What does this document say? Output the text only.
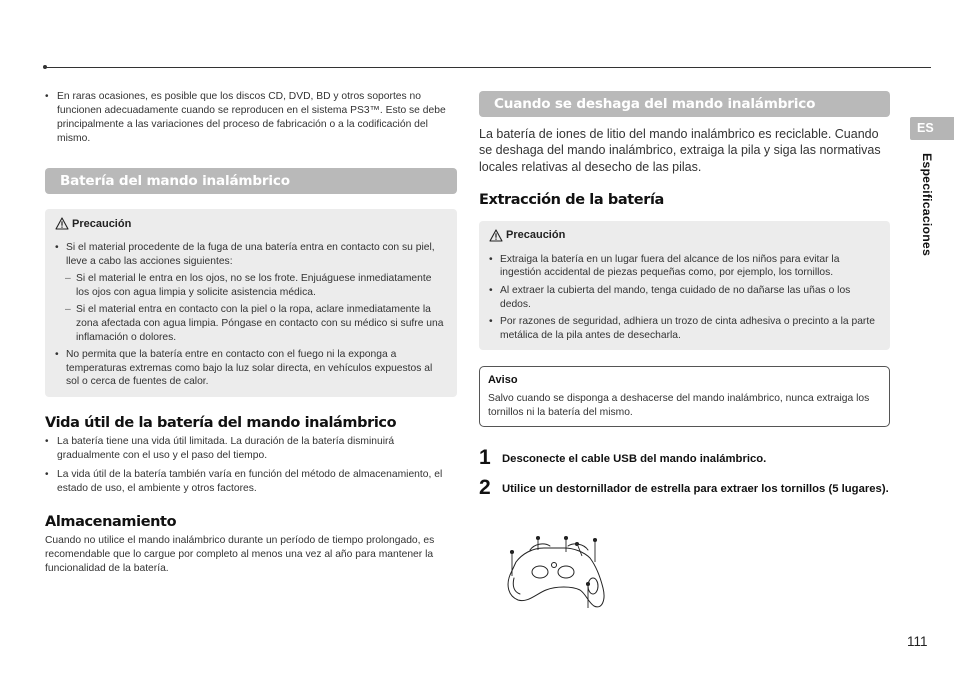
• En raras ocasiones, es posible que los discos CD, DVD, BD y otros soportes no funcionen adecuadamente cuando se reproducen en el sistema PS3™. Esto se debe principalmente a las variaciones del proceso de fabricación o a la codificación del mismo.

Batería del mando inalámbrico
Precaución

• Si el material procedente de la fuga de una batería entra en contacto con su piel, lleve a cabo las acciones siguientes:

– Si el material le entra en los ojos, no se los frote. Enjuáguese inmediatamente los ojos con agua limpia y solicite asistencia médica.

– Si el material entra en contacto con la piel o la ropa, aclare inmediatamente la zona afectada con agua limpia. Póngase en contacto con su médico si sufre una inflamación o dolores.

• No permita que la batería entre en contacto con el fuego ni la exponga a temperaturas extremas como bajo la luz solar directa, en vehículos expuestos al sol o cerca de fuentes de calor.

Vida útil de la batería del mando inalámbrico

• La batería tiene una vida útil limitada. La duración de la batería disminuirá gradualmente con el uso y el paso del tiempo.

• La vida útil de la batería también varía en función del método de almacenamiento, el estado de uso, el ambiente y otros factores.

Almacenamiento

Cuando no utilice el mando inalámbrico durante un período de tiempo prolongado, es recomendable que lo cargue por completo al menos una vez al año para mantener la funcionalidad de la batería.

Cuando se deshaga del mando inalámbrico

La batería de iones de litio del mando inalámbrico es reciclable. Cuando se deshaga del mando inalámbrico, extraiga la pila y siga las normativas locales relativas al desecho de las pilas.

Extracción de la batería
Precaución

• Extraiga la batería en un lugar fuera del alcance de los niños para evitar la ingestión accidental de piezas pequeñas como, por ejemplo, los tornillos.

• Al extraer la cubierta del mando, tenga cuidado de no dañarse las uñas o los dedos.

• Por razones de seguridad, adhiera un trozo de cinta adhesiva o precinto a la parte metálica de la pila antes de desecharla.

Aviso

Salvo cuando se disponga a deshacerse del mando inalámbrico, nunca extraiga los tornillos ni la batería del mismo.

1	Desconecte el cable USB del mando inalámbrico.
2	Utilice un destornillador de estrella para extraer los tornillos (5 lugares).
ES
Especificaciones
111
